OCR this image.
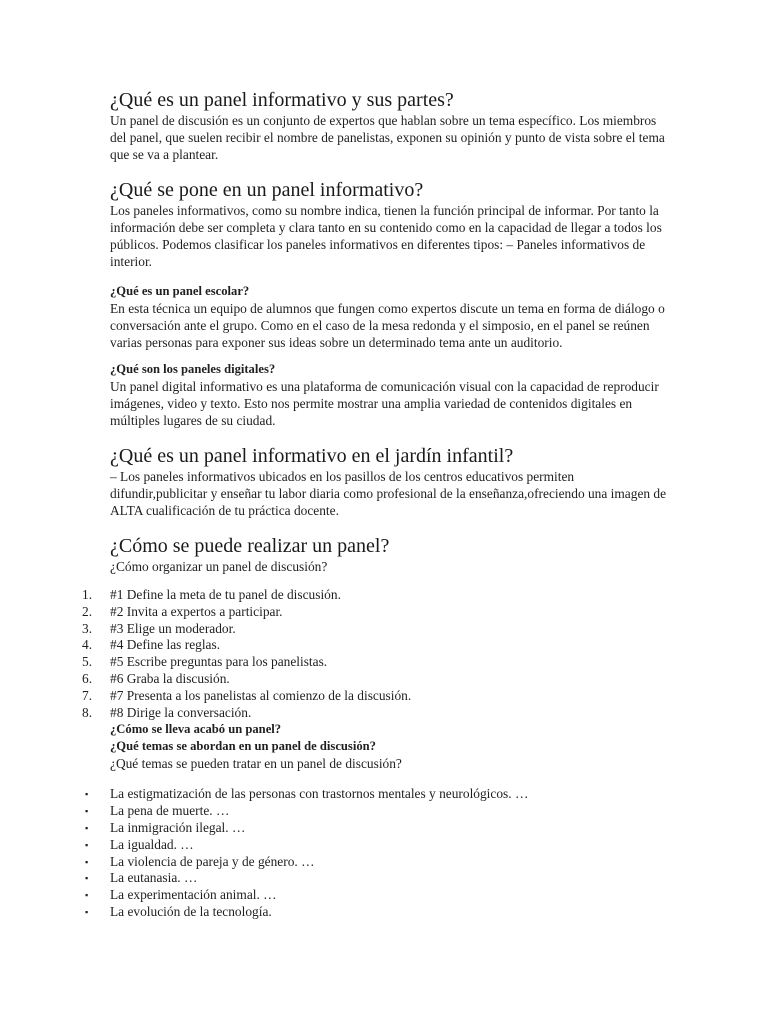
¿Qué es un panel informativo y sus partes?

Un panel de discusión es un conjunto de expertos que hablan sobre un tema específico. Los miembros del panel, que suelen recibir el nombre de panelistas, exponen su opinión y punto de vista sobre el tema que se va a plantear.

¿Qué se pone en un panel informativo?

Los paneles informativos, como su nombre indica, tienen la función principal de informar. Por tanto la información debe ser completa y clara tanto en su contenido como en la capacidad de llegar a todos los públicos. Podemos clasificar los paneles informativos en diferentes tipos: – Paneles informativos de interior.

¿Qué es un panel escolar?

En esta técnica un equipo de alumnos que fungen como expertos discute un tema en forma de diálogo o conversación ante el grupo. Como en el caso de la mesa redonda y el simposio, en el panel se reúnen varias personas para exponer sus ideas sobre un determinado tema ante un auditorio.

¿Qué son los paneles digitales?

Un panel digital informativo es una plataforma de comunicación visual con la capacidad de reproducir imágenes, video y texto. Esto nos permite mostrar una amplia variedad de contenidos digitales en múltiples lugares de su ciudad.

¿Qué es un panel informativo en el jardín infantil?

– Los paneles informativos ubicados en los pasillos de los centros educativos permiten difundir,publicitar y enseñar tu labor diaria como profesional de la enseñanza,ofreciendo una imagen de ALTA cualificación de tu práctica docente.

¿Cómo se puede realizar un panel?

¿Cómo organizar un panel de discusión?

1.	#1 Define la meta de tu panel de discusión.
2.	#2 Invita a expertos a participar.
3.	#3 Elige un moderador.
4.	#4 Define las reglas.
5.	#5 Escribe preguntas para los panelistas.
6.	#6 Graba la discusión.
7.	#7 Presenta a los panelistas al comienzo de la discusión.
8.	#8 Dirige la conversación.
¿Cómo se lleva acabó un panel?
¿Qué temas se abordan en un panel de discusión?

¿Qué temas se pueden tratar en un panel de discusión?

▪ La estigmatización de las personas con trastornos mentales y neurológicos. …
▪ La pena de muerte. …
▪ La inmigración ilegal. …
▪ La igualdad. …
▪ La violencia de pareja y de género. …
▪ La eutanasia. …
▪ La experimentación animal. …
▪ La evolución de la tecnología.
